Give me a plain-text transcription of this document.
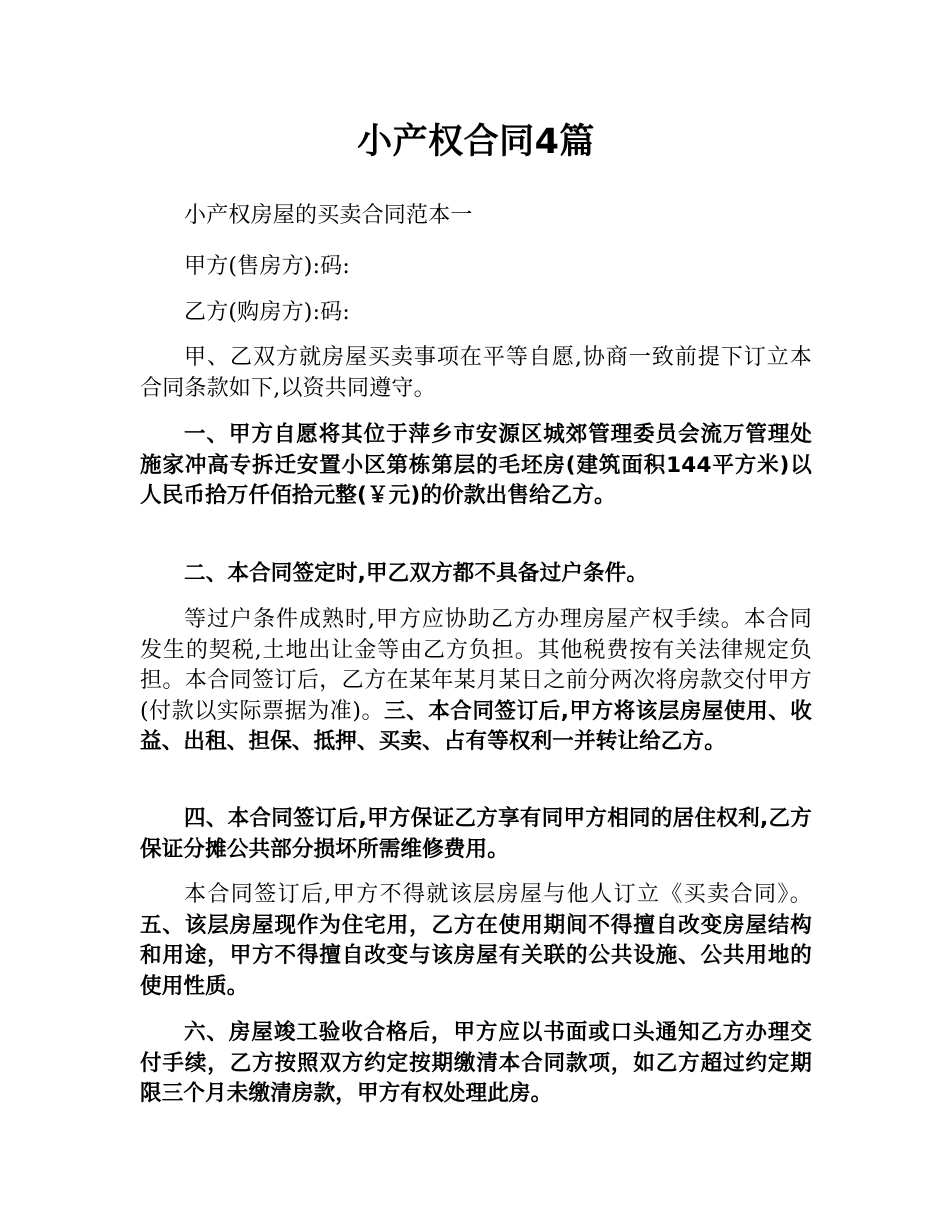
小产权合同4篇

小产权房屋的买卖合同范本一

甲方(售房方):码:

乙方(购房方):码:

甲、乙双方就房屋买卖事项在平等自愿,协商一致前提下订立本合同条款如下,以资共同遵守。

一、甲方自愿将其位于萍乡市安源区城郊管理委员会流万管理处施家冲高专拆迁安置小区第栋第层的毛坯房(建筑面积144平方米)以人民币拾万仟佰拾元整(￥元)的价款出售给乙方。

二、本合同签定时,甲乙双方都不具备过户条件。

等过户条件成熟时,甲方应协助乙方办理房屋产权手续。本合同发生的契税,土地出让金等由乙方负担。其他税费按有关法律规定负担。本合同签订后，乙方在某年某月某日之前分两次将房款交付甲方(付款以实际票据为准)。三、本合同签订后,甲方将该层房屋使用、收益、出租、担保、抵押、买卖、占有等权利一并转让给乙方。

四、本合同签订后,甲方保证乙方享有同甲方相同的居住权利,乙方保证分摊公共部分损坏所需维修费用。

本合同签订后,甲方不得就该层房屋与他人订立《买卖合同》。五、该层房屋现作为住宅用，乙方在使用期间不得擅自改变房屋结构和用途，甲方不得擅自改变与该房屋有关联的公共设施、公共用地的使用性质。

六、房屋竣工验收合格后，甲方应以书面或口头通知乙方办理交付手续，乙方按照双方约定按期缴清本合同款项，如乙方超过约定期限三个月未缴清房款，甲方有权处理此房。
